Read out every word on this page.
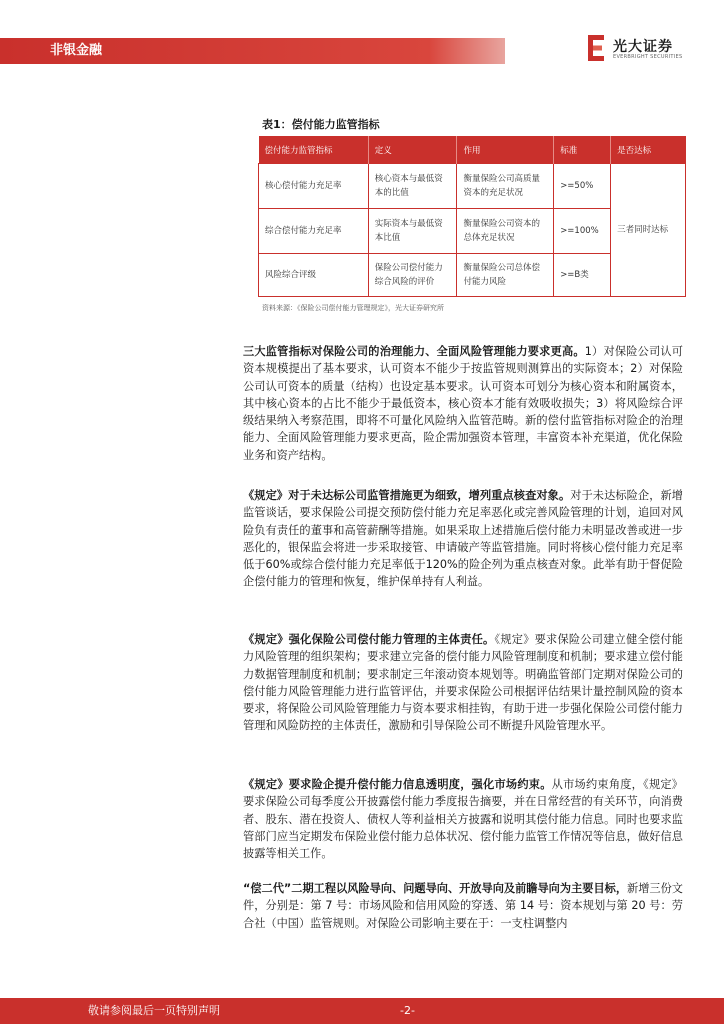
非银金融	光大证券
EVERBRIGHT SECURITIES
表1：偿付能力监管指标
偿付能力监管指标	定义	作用	标准	是否达标
核心偿付能力充足率	核心资本与最低资本的比值	衡量保险公司高质量资本的充足状况	>=50%	三者同时达标
综合偿付能力充足率	实际资本与最低资本比值	衡量保险公司资本的总体充足状况	>=100%	
风险综合评级	保险公司偿付能力综合风险的评价	衡量保险公司总体偿付能力风险	>=B类	
资料来源：《保险公司偿付能力管理规定》，光大证券研究所

三大监管指标对保险公司的治理能力、全面风险管理能力要求更高。1）对保险公司认可资本规模提出了基本要求，认可资本不能少于按监管规则测算出的实际资本；2）对保险公司认可资本的质量（结构）也设定基本要求。认可资本可划分为核心资本和附属资本，其中核心资本的占比不能少于最低资本，核心资本才能有效吸收损失；3）将风险综合评级结果纳入考察范围，即将不可量化风险纳入监管范畴。新的偿付监管指标对险企的治理能力、全面风险管理能力要求更高，险企需加强资本管理，丰富资本补充渠道，优化保险业务和资产结构。

《规定》对于未达标公司监管措施更为细致，增列重点核查对象。对于未达标险企，新增监管谈话，要求保险公司提交预防偿付能力充足率恶化或完善风险管理的计划，追回对风险负有责任的董事和高管薪酬等措施。如果采取上述措施后偿付能力未明显改善或进一步恶化的，银保监会将进一步采取接管、申请破产等监管措施。同时将核心偿付能力充足率低于60%或综合偿付能力充足率低于120%的险企列为重点核查对象。此举有助于督促险企偿付能力的管理和恢复，维护保单持有人利益。

《规定》强化保险公司偿付能力管理的主体责任。《规定》要求保险公司建立健全偿付能力风险管理的组织架构；要求建立完备的偿付能力风险管理制度和机制；要求建立偿付能力数据管理制度和机制；要求制定三年滚动资本规划等。明确监管部门定期对保险公司的偿付能力风险管理能力进行监管评估，并要求保险公司根据评估结果计量控制风险的资本要求，将保险公司风险管理能力与资本要求相挂钩，有助于进一步强化保险公司偿付能力管理和风险防控的主体责任，激励和引导保险公司不断提升风险管理水平。

《规定》要求险企提升偿付能力信息透明度，强化市场约束。从市场约束角度，《规定》要求保险公司每季度公开披露偿付能力季度报告摘要，并在日常经营的有关环节，向消费者、股东、潜在投资人、债权人等利益相关方披露和说明其偿付能力信息。同时也要求监管部门应当定期发布保险业偿付能力总体状况、偿付能力监管工作情况等信息，做好信息披露等相关工作。

“偿二代”二期工程以风险导向、问题导向、开放导向及前瞻导向为主要目标，新增三份文件，分别是：第 7 号：市场风险和信用风险的穿透、第 14 号：资本规划与第 20 号：劳合社（中国）监管规则。对保险公司影响主要在于：一支柱调整内

敬请参阅最后一页特别声明	-2-
